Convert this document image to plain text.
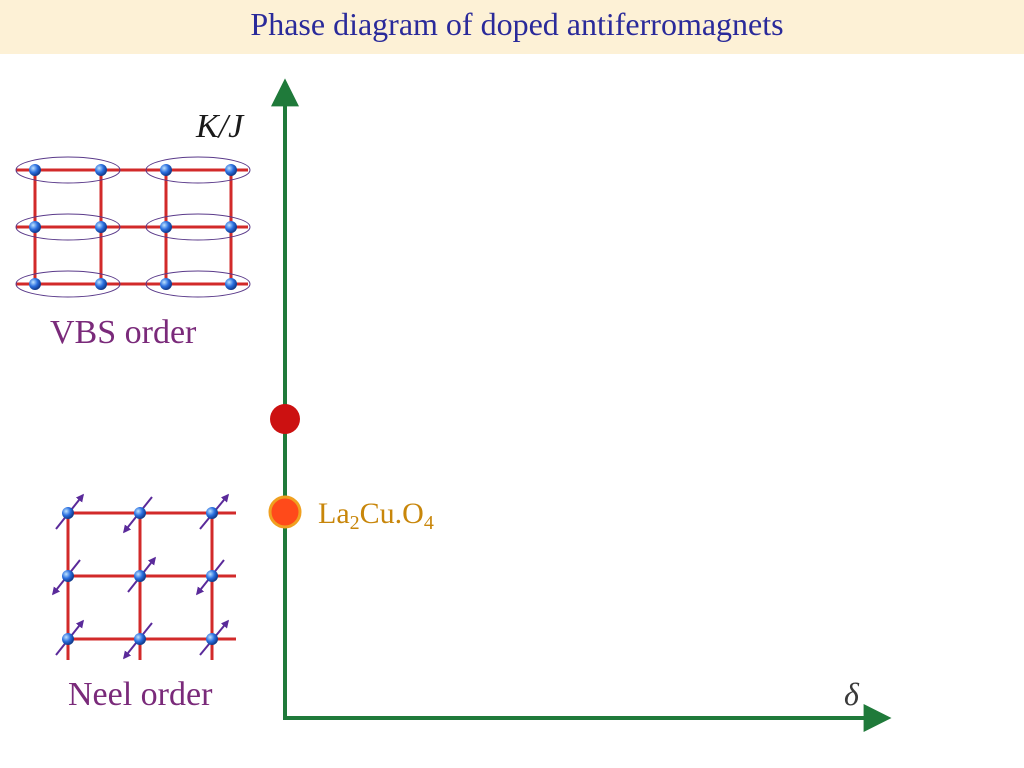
Phase diagram of doped antiferromagnets
K/J
VBS order
Neel order	δ
$La_2Cu.O_4$
